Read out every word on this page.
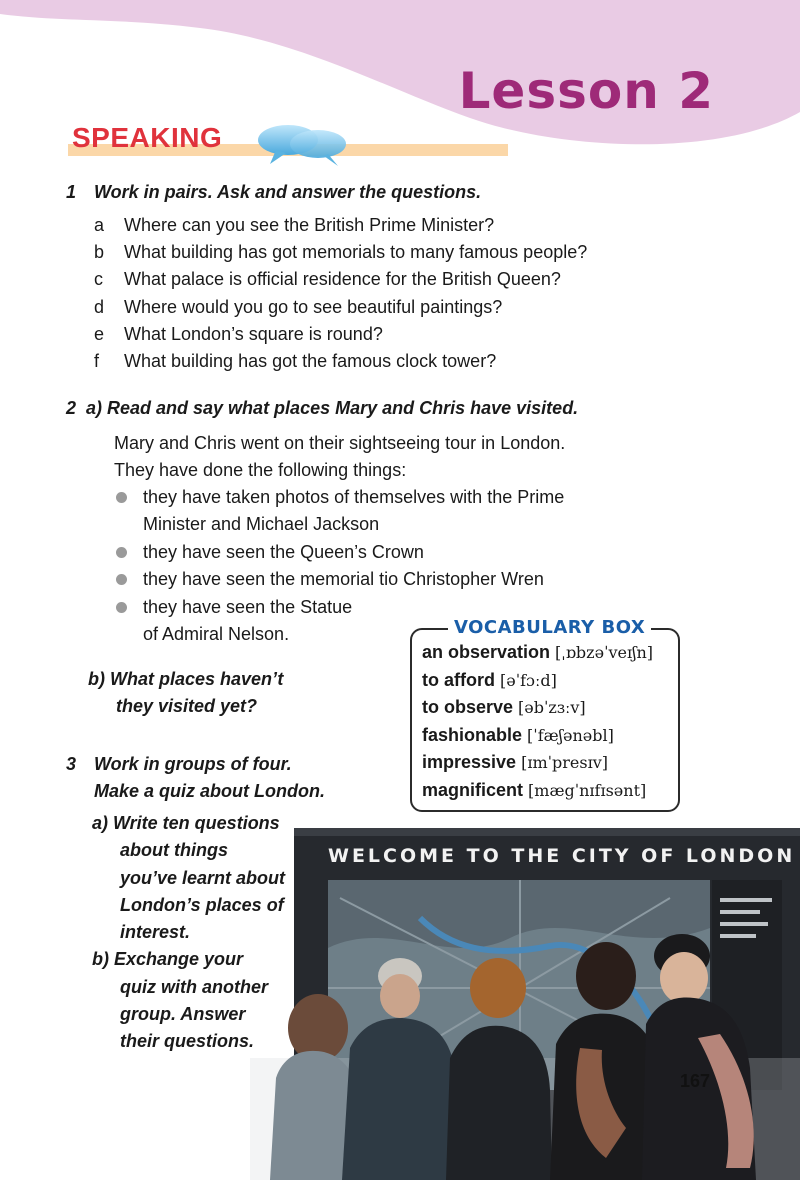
Lesson 2
SPEAKING
1 Work in pairs. Ask and answer the questions.
a Where can you see the British Prime Minister?
b What building has got memorials to many famous people?
c What palace is official residence for the British Queen?
d Where would you go to see beautiful paintings?
e What London’s square is round?
f What building has got the famous clock tower?
2 a) Read and say what places Mary and Chris have visited.
Mary and Chris went on their sightseeing tour in London.
They have done the following things:
they have taken photos of themselves with the Prime
Minister and Michael Jackson
they have seen the Queen’s Crown
they have seen the memorial tio Christopher Wren
they have seen the Statue
of Admiral Nelson.
b) What places haven’t
they visited yet?
VOCABULARY BOX
an observation [ˌɒbzəˈveɪʃn]
to afford [əˈfɔːd]
to observe [əbˈzɜːv]
fashionable [ˈfæʃənəbl]
impressive [ɪmˈpresɪv]
magnificent [mægˈnɪfɪsənt]
WELCOME TO THE CITY OF LONDON
3 Work in groups of four.
Make a quiz about London.
a) Write ten questions
about things
you’ve learnt about
London’s places of
interest.
b) Exchange your
quiz with another
group. Answer
their questions.
167
